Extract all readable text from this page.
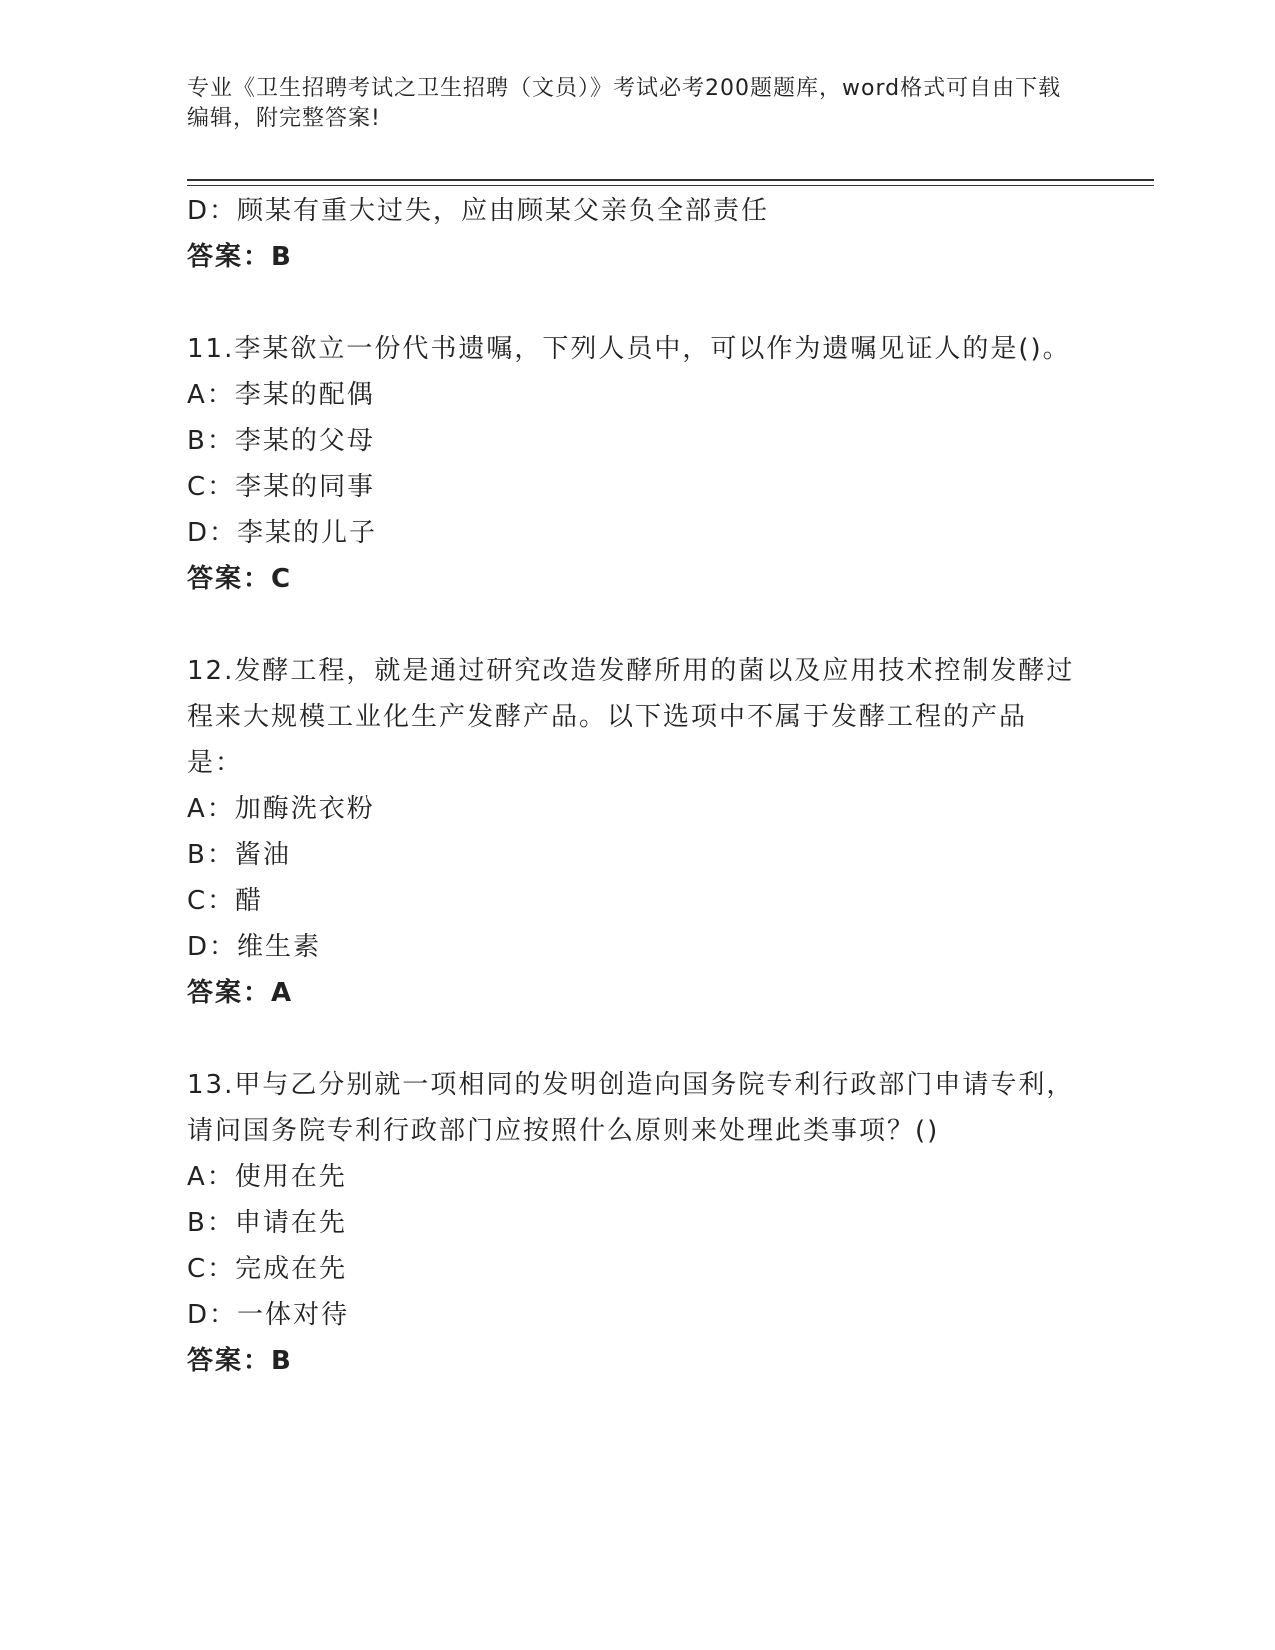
专业《卫生招聘考试之卫生招聘（文员）》考试必考200题题库，word格式可自由下载编辑，附完整答案!
D：顾某有重大过失，应由顾某父亲负全部责任
答案：B
11.李某欲立一份代书遗嘱，下列人员中，可以作为遗嘱见证人的是()。
A：李某的配偶
B：李某的父母
C：李某的同事
D：李某的儿子
答案：C
12.发酵工程，就是通过研究改造发酵所用的菌以及应用技术控制发酵过程来大规模工业化生产发酵产品。以下选项中不属于发酵工程的产品是：
A：加酶洗衣粉
B：酱油
C：醋
D：维生素
答案：A
13.甲与乙分别就一项相同的发明创造向国务院专利行政部门申请专利，请问国务院专利行政部门应按照什么原则来处理此类事项？()
A：使用在先
B：申请在先
C：完成在先
D：一体对待
答案：B
